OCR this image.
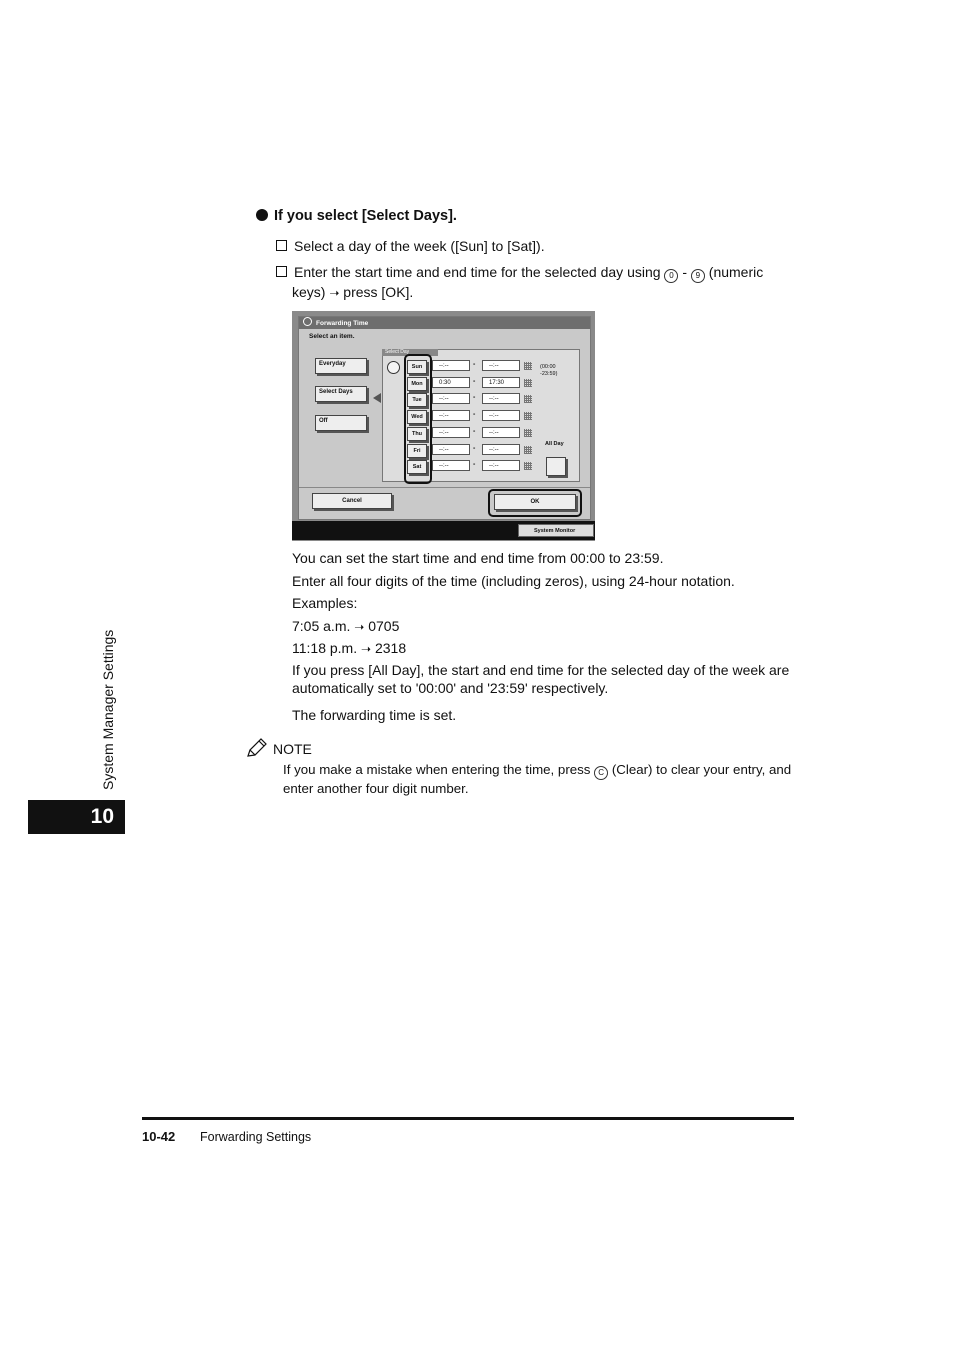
If you select [Select Days].
Select a day of the week ([Sun] to [Sat]).
Enter the start time and end time for the selected day using 0 - 9 (numeric
keys) ➝ press [OK].
Forwarding Time
Select an item.
Everyday
Select Days
Off
Select Day
Sun	--:--	-	--:--
Mon	0:30	-	17:30
Tue	--:--	-	--:--
Wed	--:--	-	--:--
Thu	--:--	-	--:--
Fri	--:--	-	--:--
Sat	--:--	-	--:--
(00:00
-23:59)
All Day
Cancel	OK
System Monitor
You can set the start time and end time from 00:00 to 23:59.
Enter all four digits of the time (including zeros), using 24-hour notation.
Examples:
7:05 a.m. ➝ 0705
11:18 p.m. ➝ 2318
If you press [All Day], the start and end time for the selected day of the week are automatically set to '00:00' and '23:59' respectively.
The forwarding time is set.
NOTE
If you make a mistake when entering the time, press C (Clear) to clear your entry, and enter another four digit number.
System Manager Settings
10
10-42 Forwarding Settings
